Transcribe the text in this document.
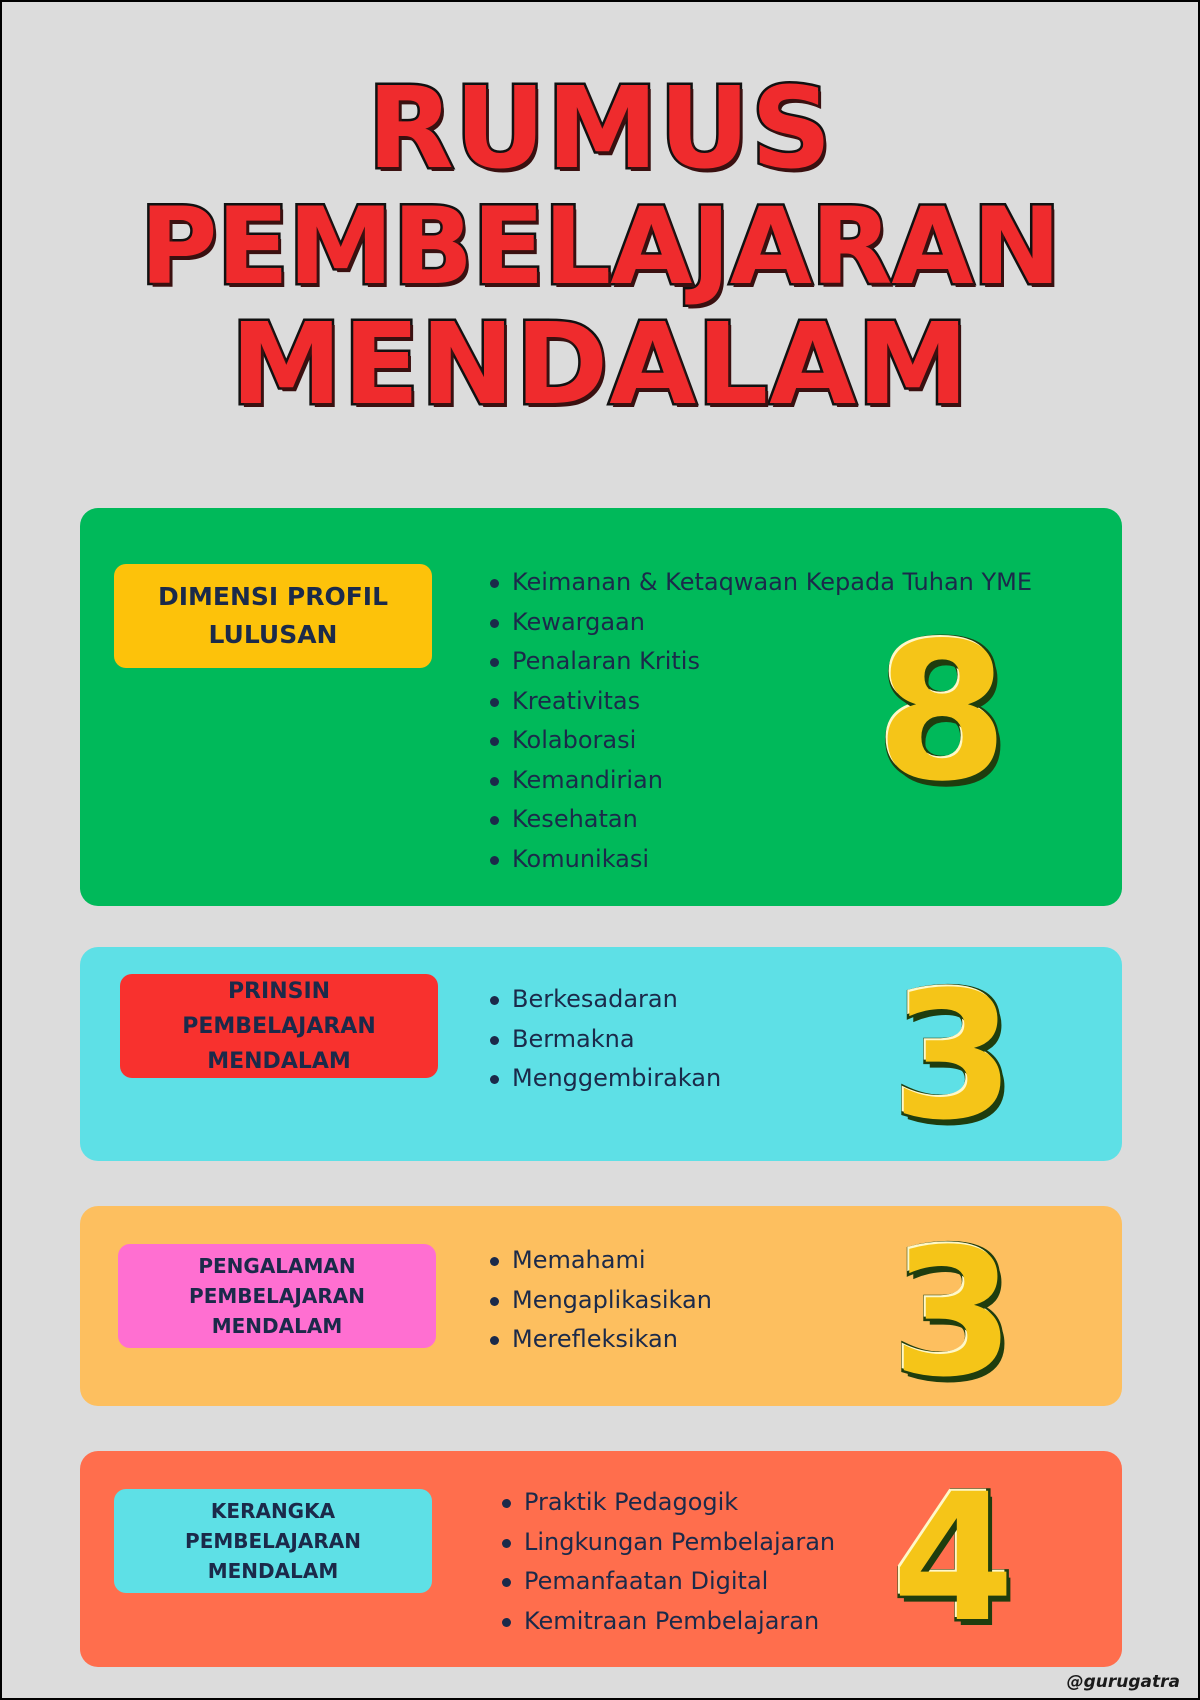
RUMUS
PEMBELAJARAN
MENDALAM
DIMENSI PROFIL LULUSAN
Keimanan & Ketaqwaan Kepada Tuhan YME
Kewargaan
Penalaran Kritis
Kreativitas
Kolaborasi
Kemandirian
Kesehatan
Komunikasi
8
PRINSIN PEMBELAJARAN MENDALAM
Berkesadaran
Bermakna
Menggembirakan 3
PENGALAMAN PEMBELAJARAN MENDALAM
Memahami
Mengaplikasikan
Merefleksikan 3
KERANGKA PEMBELAJARAN MENDALAM
Praktik Pedagogik
Lingkungan Pembelajaran
Pemanfaatan Digital
Kemitraan Pembelajaran 4
@gurugatra
